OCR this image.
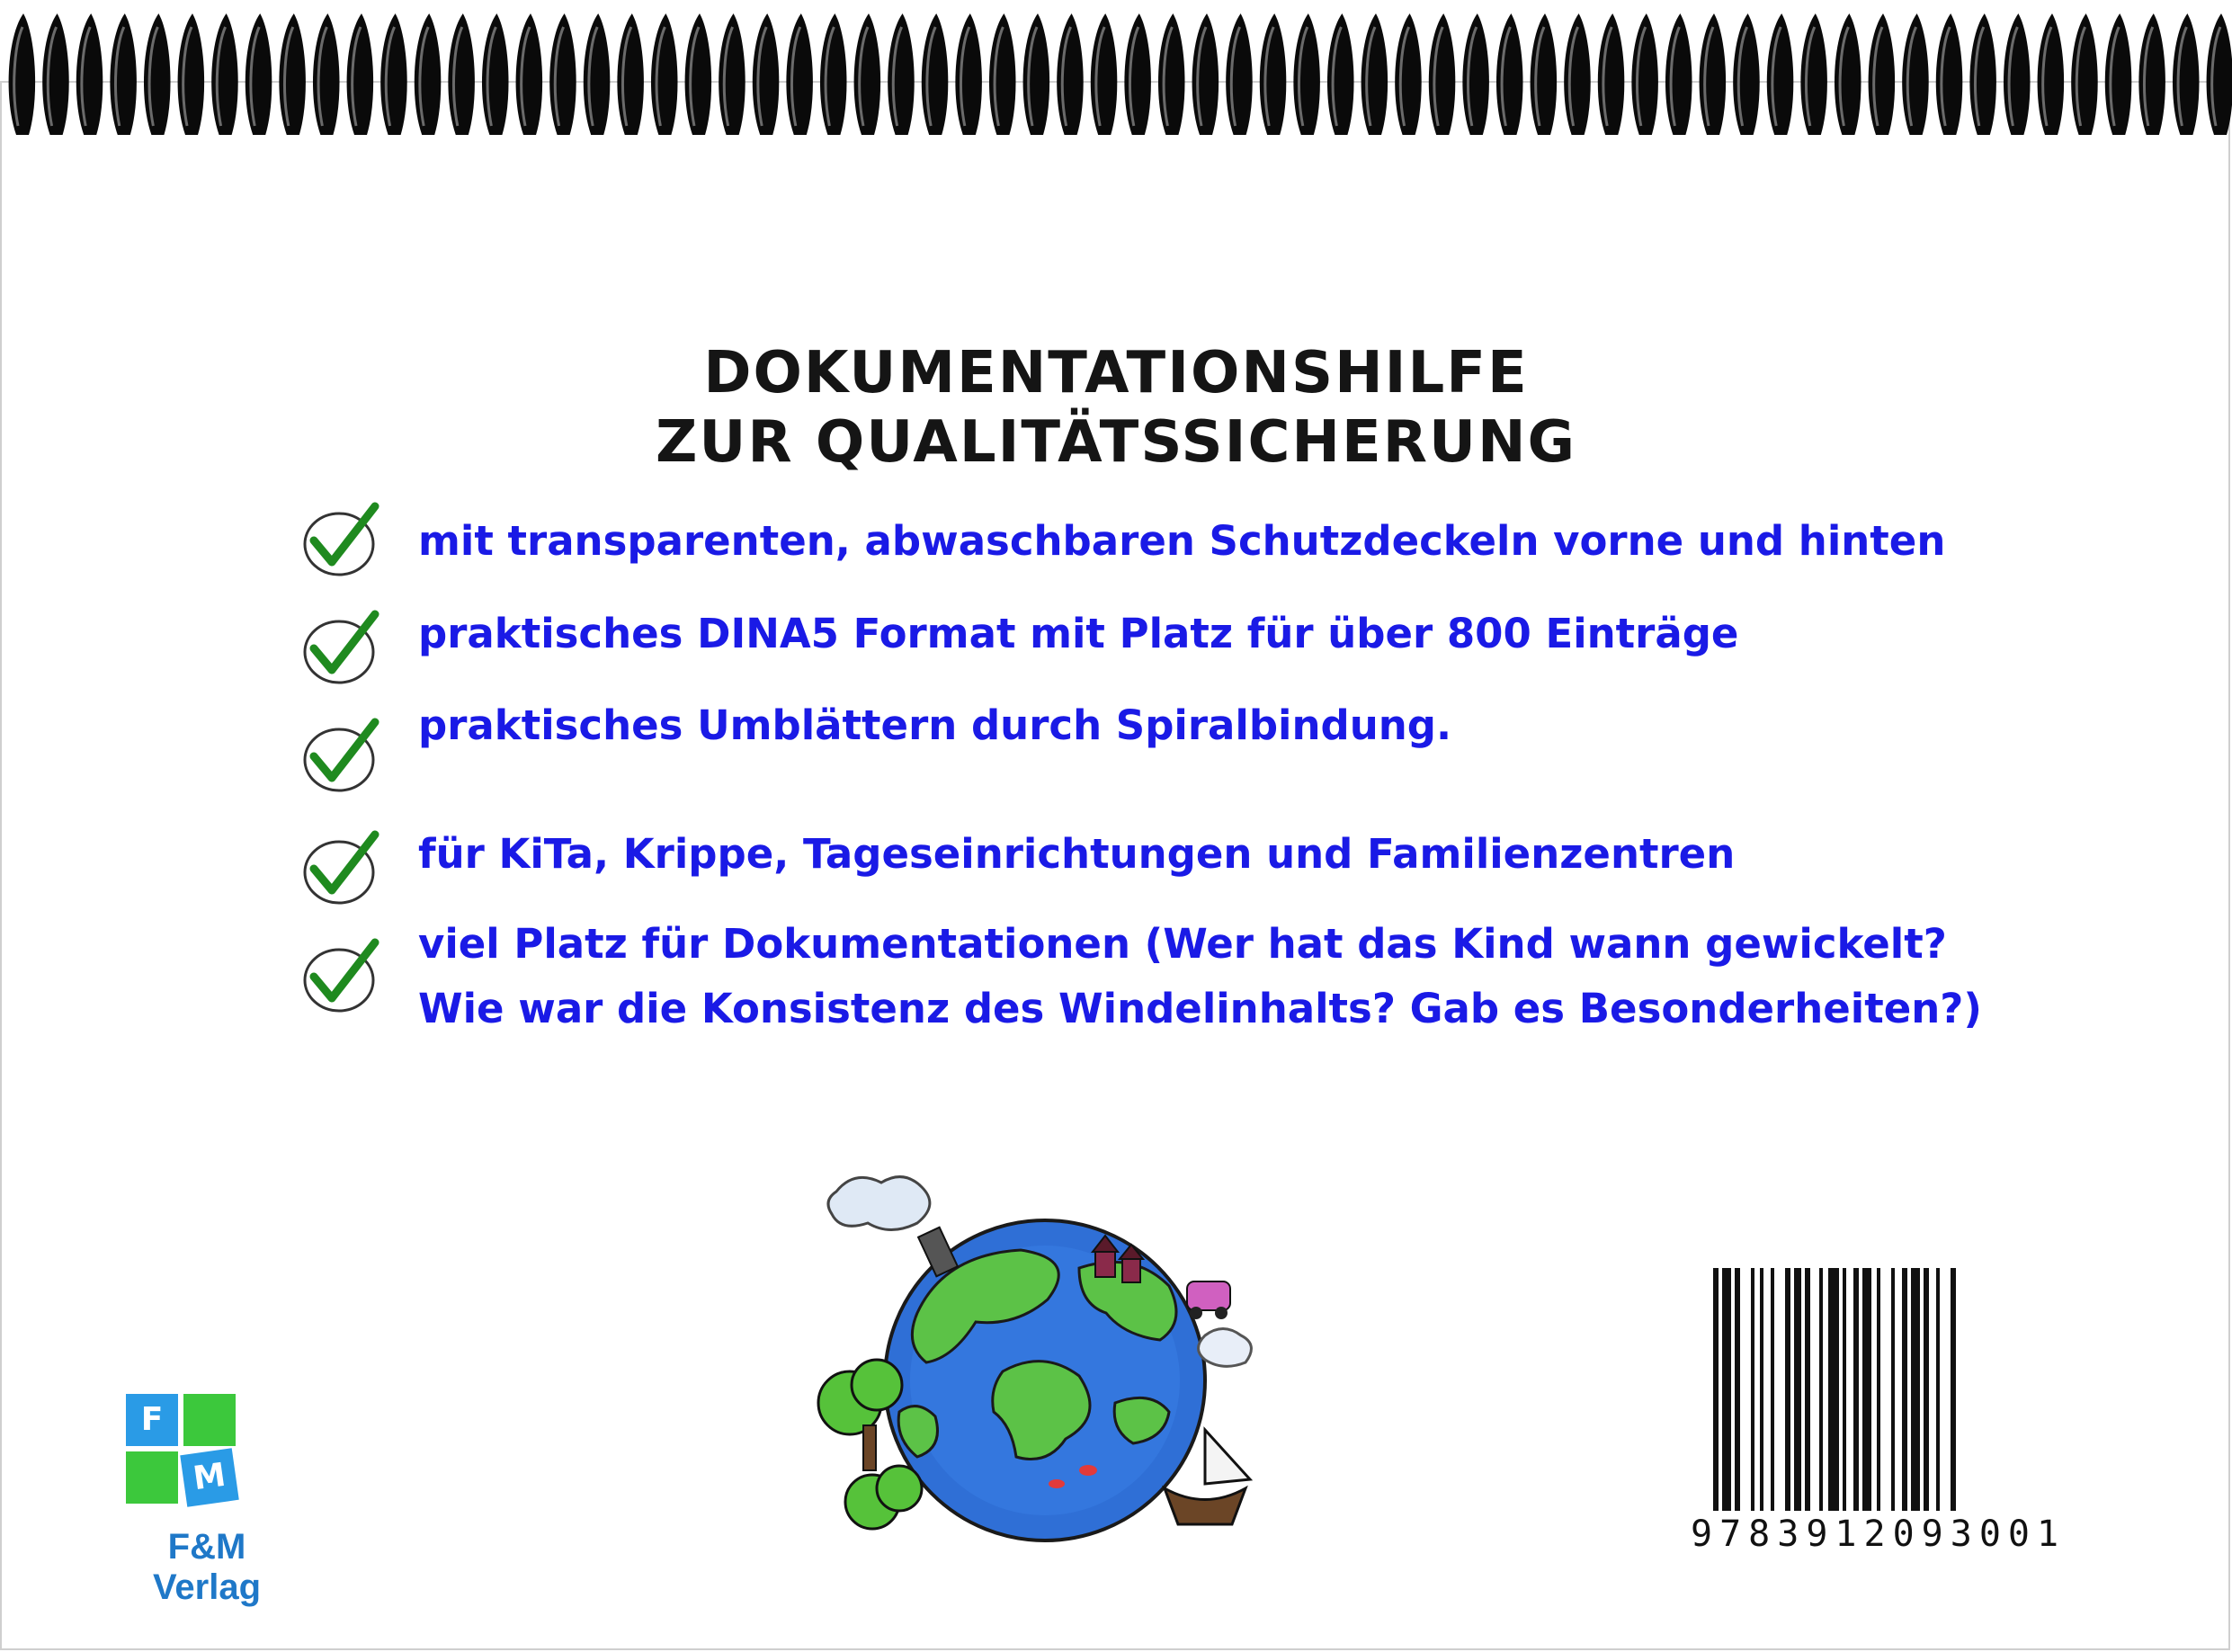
DOKUMENTATIONSHILFE
ZUR QUALITÄTSSICHERUNG
mit transparenten, abwaschbaren Schutzdeckeln vorne und hinten
praktisches DINA5 Format mit Platz für über 800 Einträge
praktisches Umblättern durch Spiralbindung.
für KiTa, Krippe, Tageseinrichtungen und Familienzentren
viel Platz für Dokumentationen (Wer hat das Kind wann gewickelt?
Wie war die Konsistenz des Windelinhalts? Gab es Besonderheiten?)
F
M
F&M Verlag
9783912093001
